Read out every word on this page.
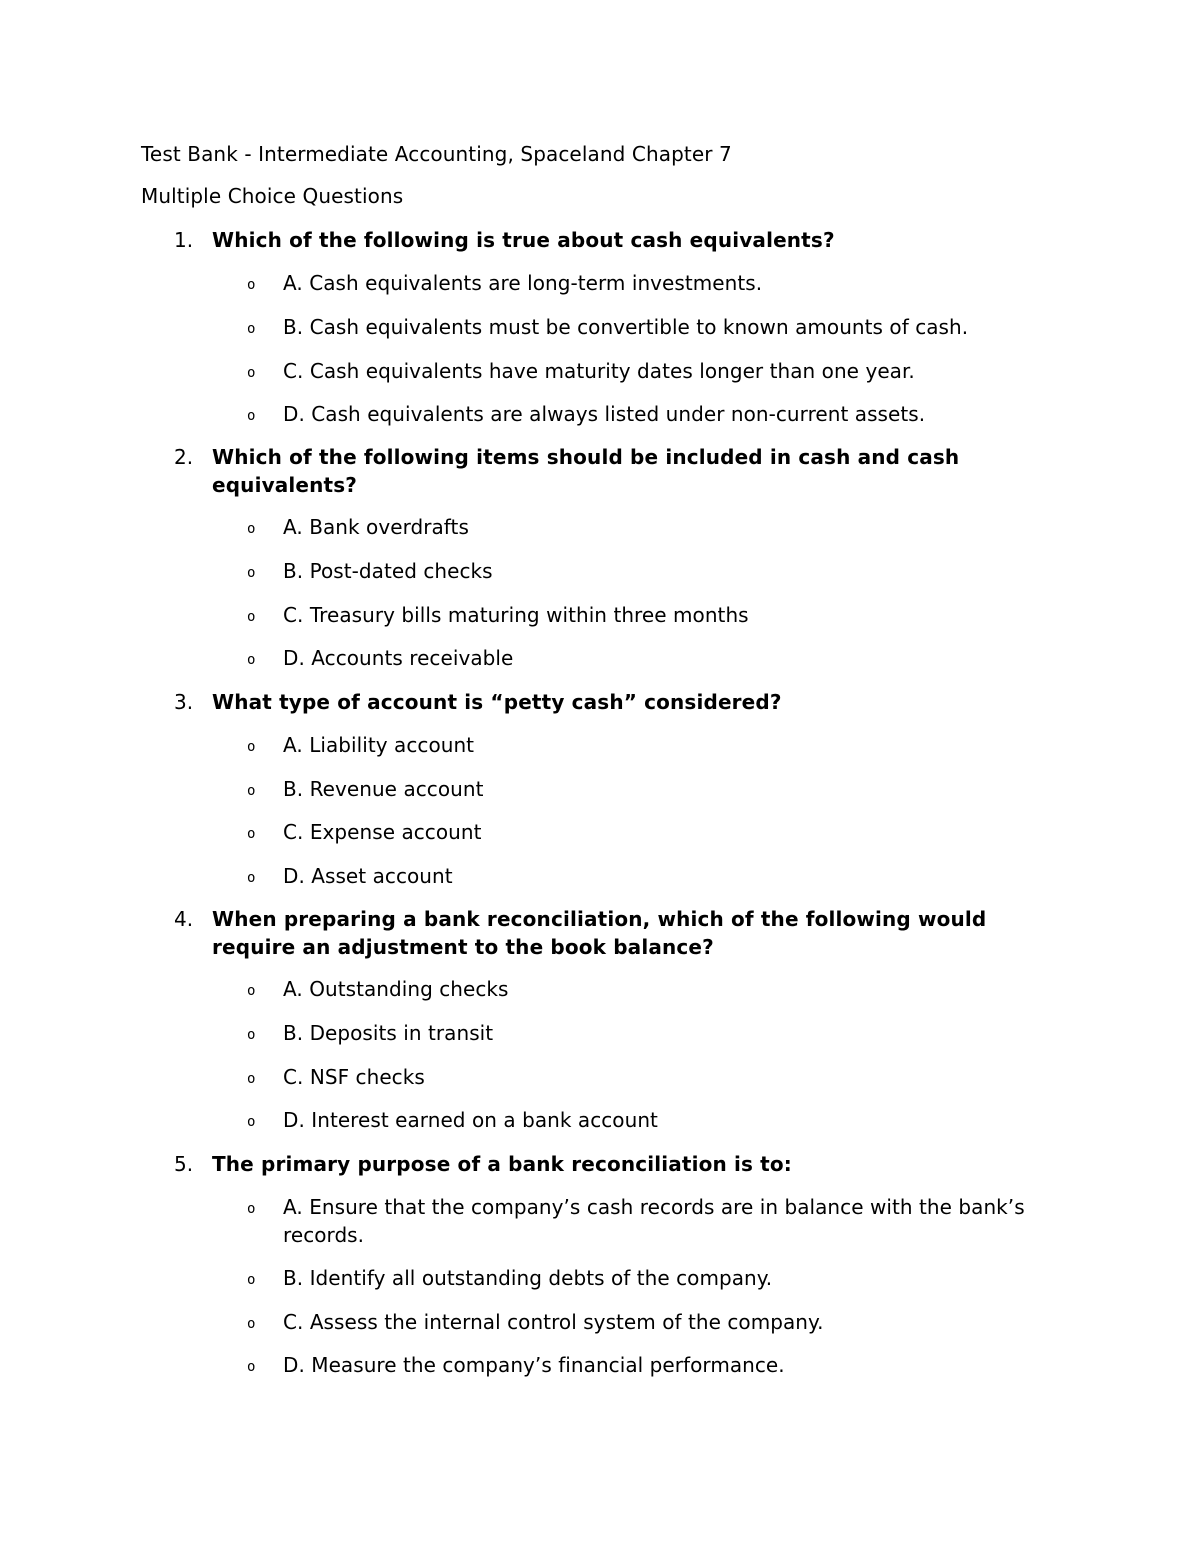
Test Bank - Intermediate Accounting, Spaceland Chapter 7
Multiple Choice Questions
1. Which of the following is true about cash equivalents?
o A. Cash equivalents are long-term investments.
o B. Cash equivalents must be convertible to known amounts of cash.
o C. Cash equivalents have maturity dates longer than one year.
o D. Cash equivalents are always listed under non-current assets.
2. Which of the following items should be included in cash and cash equivalents?
o A. Bank overdrafts
o B. Post-dated checks
o C. Treasury bills maturing within three months
o D. Accounts receivable
3. What type of account is “petty cash” considered?
o A. Liability account
o B. Revenue account
o C. Expense account
o D. Asset account
4. When preparing a bank reconciliation, which of the following would require an adjustment to the book balance?
o A. Outstanding checks
o B. Deposits in transit
o C. NSF checks
o D. Interest earned on a bank account
5. The primary purpose of a bank reconciliation is to:
o A. Ensure that the company’s cash records are in balance with the bank’s records.
o B. Identify all outstanding debts of the company.
o C. Assess the internal control system of the company.
o D. Measure the company’s financial performance.
